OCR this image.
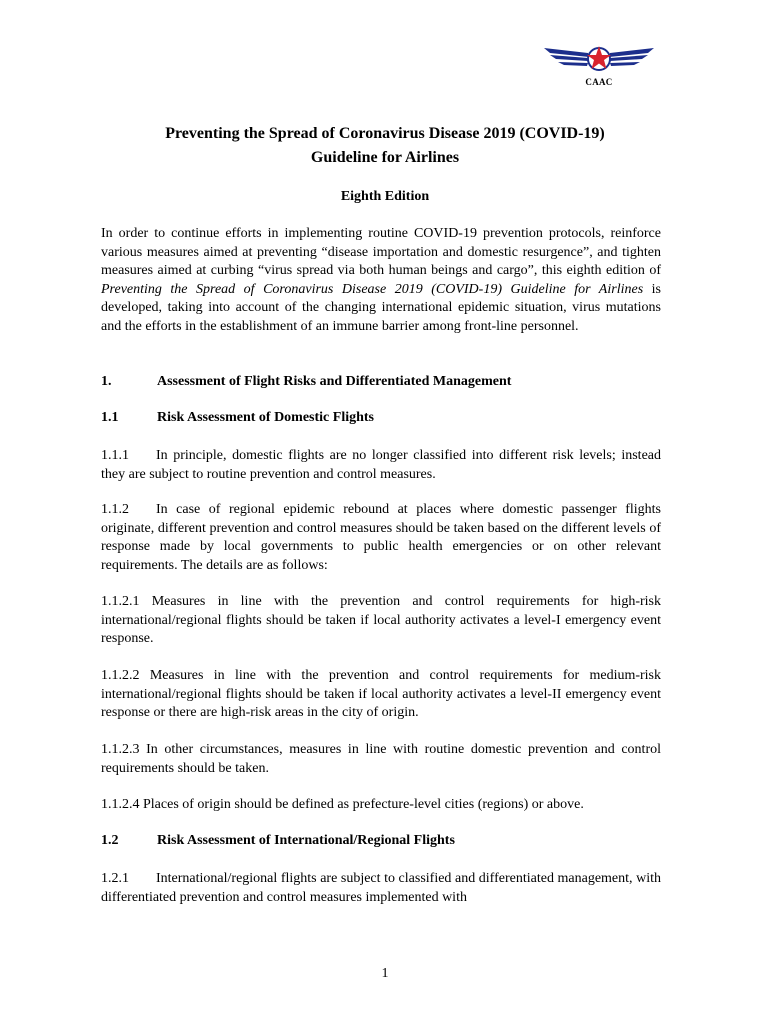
CAAC
Preventing the Spread of Coronavirus Disease 2019 (COVID-19)
Guideline for Airlines
Eighth Edition
In order to continue efforts in implementing routine COVID-19 prevention protocols, reinforce various measures aimed at preventing “disease importation and domestic resurgence”, and tighten measures aimed at curbing “virus spread via both human beings and cargo”, this eighth edition of Preventing the Spread of Coronavirus Disease 2019 (COVID-19) Guideline for Airlines is developed, taking into account of the changing international epidemic situation, virus mutations and the efforts in the establishment of an immune barrier among front-line personnel.
1.	Assessment of Flight Risks and Differentiated Management
1.1	Risk Assessment of Domestic Flights
1.1.1 In principle, domestic flights are no longer classified into different risk levels; instead they are subject to routine prevention and control measures.
1.1.2 In case of regional epidemic rebound at places where domestic passenger flights originate, different prevention and control measures should be taken based on the different levels of response made by local governments to public health emergencies or on other relevant requirements. The details are as follows:
1.1.2.1 Measures in line with the prevention and control requirements for high-risk international/regional flights should be taken if local authority activates a level-I emergency event response.
1.1.2.2 Measures in line with the prevention and control requirements for medium-risk international/regional flights should be taken if local authority activates a level-II emergency event response or there are high-risk areas in the city of origin.
1.1.2.3 In other circumstances, measures in line with routine domestic prevention and control requirements should be taken.
1.1.2.4 Places of origin should be defined as prefecture-level cities (regions) or above.
1.2	Risk Assessment of International/Regional Flights
1.2.1 International/regional flights are subject to classified and differentiated management, with differentiated prevention and control measures implemented with
1
